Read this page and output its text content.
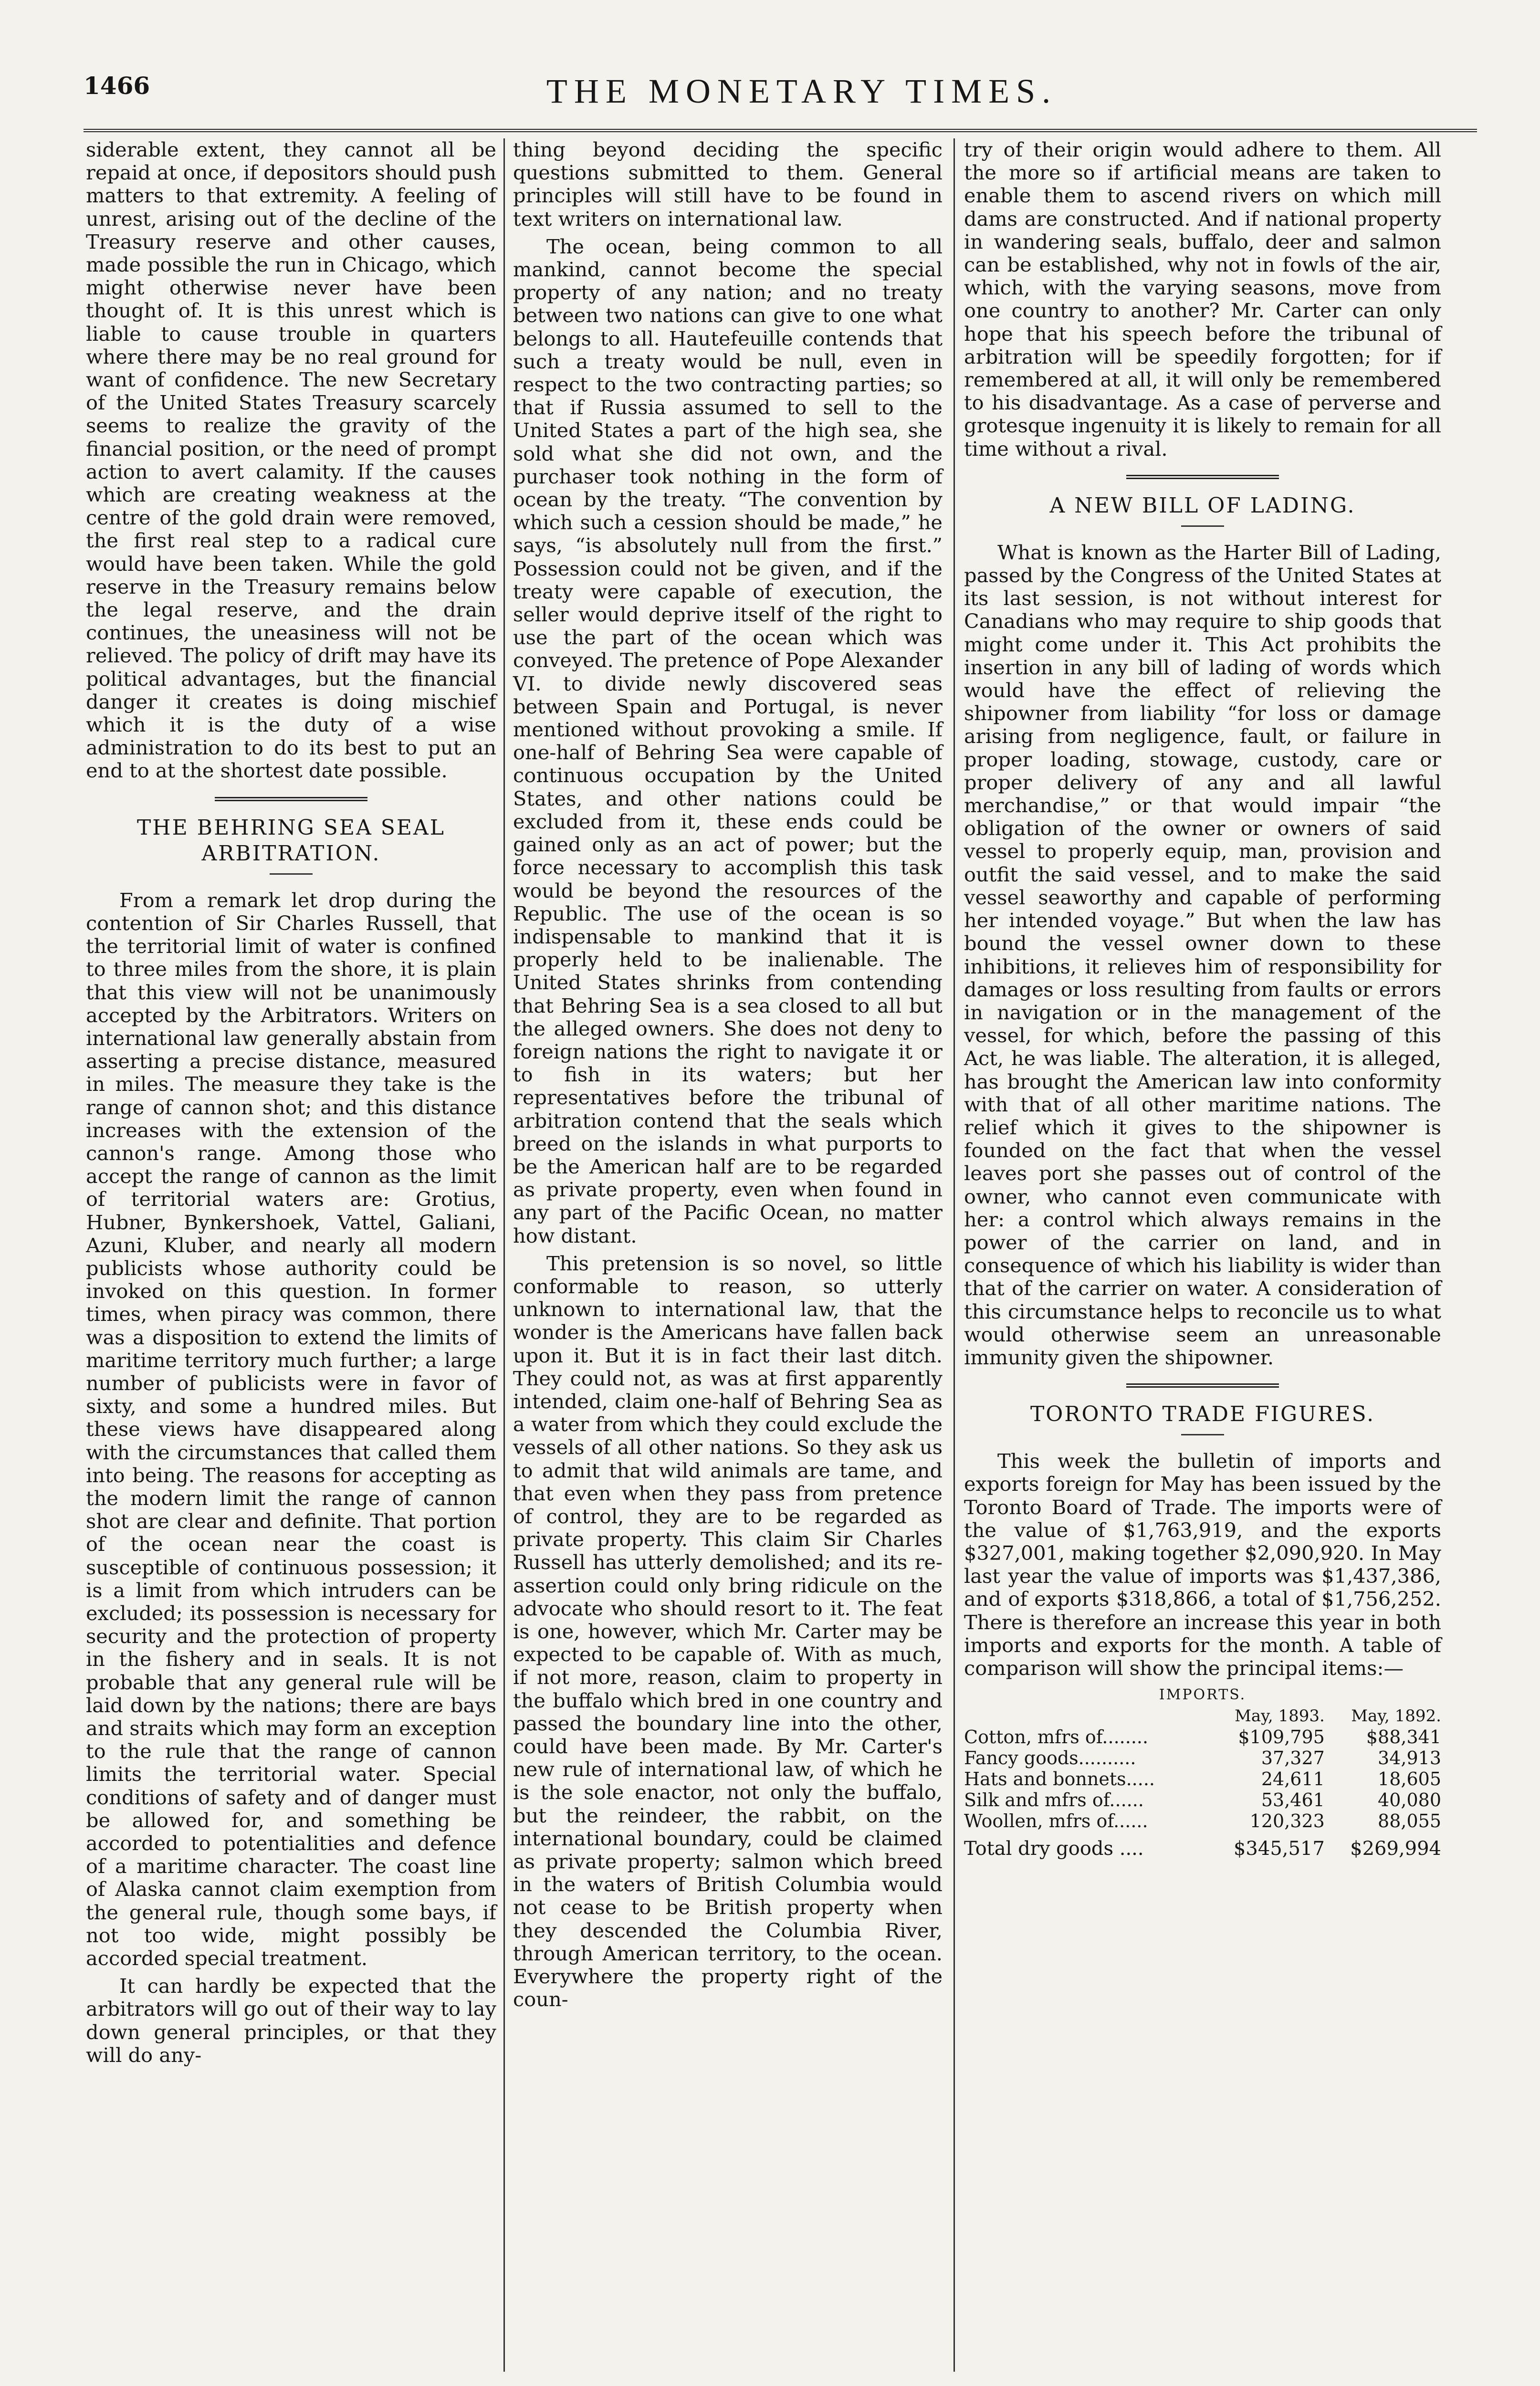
1466	THE MONETARY TIMES.

siderable extent, they cannot all be repaid at once, if depositors should push matters to that extremity. A feeling of unrest, arising out of the decline of the Treasury reserve and other causes, made possible the run in Chicago, which might otherwise never have been thought of. It is this unrest which is liable to cause trouble in quarters where there may be no real ground for want of confidence. The new Secretary of the United States Treasury scarcely seems to realize the gravity of the financial position, or the need of prompt action to avert calamity. If the causes which are creating weakness at the centre of the gold drain were removed, the first real step to a radical cure would have been taken. While the gold reserve in the Treasury remains below the legal reserve, and the drain continues, the uneasiness will not be relieved. The policy of drift may have its political advantages, but the financial danger it creates is doing mischief which it is the duty of a wise administration to do its best to put an end to at the shortest date possible.

THE BEHRING SEA SEAL ARBITRATION.

From a remark let drop during the contention of Sir Charles Russell, that the territorial limit of water is confined to three miles from the shore, it is plain that this view will not be unanimously accepted by the Arbitrators. Writers on international law generally abstain from asserting a precise distance, measured in miles. The measure they take is the range of cannon shot; and this distance increases with the extension of the cannon's range. Among those who accept the range of cannon as the limit of territorial waters are: Grotius, Hubner, Bynkershoek, Vattel, Galiani, Azuni, Kluber, and nearly all modern publicists whose authority could be invoked on this question. In former times, when piracy was common, there was a disposition to extend the limits of maritime territory much further; a large number of publicists were in favor of sixty, and some a hundred miles. But these views have disappeared along with the circumstances that called them into being. The reasons for accepting as the modern limit the range of cannon shot are clear and definite. That portion of the ocean near the coast is susceptible of continuous possession; it is a limit from which intruders can be excluded; its possession is necessary for security and the protection of property in the fishery and in seals. It is not probable that any general rule will be laid down by the nations; there are bays and straits which may form an exception to the rule that the range of cannon limits the territorial water. Special conditions of safety and of danger must be allowed for, and something be accorded to potentialities and defence of a maritime character. The coast line of Alaska cannot claim exemption from the general rule, though some bays, if not too wide, might possibly be accorded special treatment.

It can hardly be expected that the arbitrators will go out of their way to lay down general principles, or that they will do any-

thing beyond deciding the specific questions submitted to them. General principles will still have to be found in text writers on international law.

The ocean, being common to all mankind, cannot become the special property of any nation; and no treaty between two nations can give to one what belongs to all. Hautefeuille contends that such a treaty would be null, even in respect to the two contracting parties; so that if Russia assumed to sell to the United States a part of the high sea, she sold what she did not own, and the purchaser took nothing in the form of ocean by the treaty. “The convention by which such a cession should be made,” he says, “is absolutely null from the first.” Possession could not be given, and if the treaty were capable of execution, the seller would deprive itself of the right to use the part of the ocean which was conveyed. The pretence of Pope Alexander VI. to divide newly discovered seas between Spain and Portugal, is never mentioned without provoking a smile. If one-half of Behring Sea were capable of continuous occupation by the United States, and other nations could be excluded from it, these ends could be gained only as an act of power; but the force necessary to accomplish this task would be beyond the resources of the Republic. The use of the ocean is so indispensable to mankind that it is properly held to be inalienable. The United States shrinks from contending that Behring Sea is a sea closed to all but the alleged owners. She does not deny to foreign nations the right to navigate it or to fish in its waters; but her representatives before the tribunal of arbitration contend that the seals which breed on the islands in what purports to be the American half are to be regarded as private property, even when found in any part of the Pacific Ocean, no matter how distant.

This pretension is so novel, so little conformable to reason, so utterly unknown to international law, that the wonder is the Americans have fallen back upon it. But it is in fact their last ditch. They could not, as was at first apparently intended, claim one-half of Behring Sea as a water from which they could exclude the vessels of all other nations. So they ask us to admit that wild animals are tame, and that even when they pass from pretence of control, they are to be regarded as private property. This claim Sir Charles Russell has utterly demolished; and its re-assertion could only bring ridicule on the advocate who should resort to it. The feat is one, however, which Mr. Carter may be expected to be capable of. With as much, if not more, reason, claim to property in the buffalo which bred in one country and passed the boundary line into the other, could have been made. By Mr. Carter's new rule of international law, of which he is the sole enactor, not only the buffalo, but the reindeer, the rabbit, on the international boundary, could be claimed as private property; salmon which breed in the waters of British Columbia would not cease to be British property when they descended the Columbia River, through American territory, to the ocean. Everywhere the property right of the coun-

try of their origin would adhere to them. All the more so if artificial means are taken to enable them to ascend rivers on which mill dams are constructed. And if national property in wandering seals, buffalo, deer and salmon can be established, why not in fowls of the air, which, with the varying seasons, move from one country to another? Mr. Carter can only hope that his speech before the tribunal of arbitration will be speedily forgotten; for if remembered at all, it will only be remembered to his disadvantage. As a case of perverse and grotesque ingenuity it is likely to remain for all time without a rival.

A NEW BILL OF LADING.

What is known as the Harter Bill of Lading, passed by the Congress of the United States at its last session, is not without interest for Canadians who may require to ship goods that might come under it. This Act prohibits the insertion in any bill of lading of words which would have the effect of relieving the shipowner from liability “for loss or damage arising from negligence, fault, or failure in proper loading, stowage, custody, care or proper delivery of any and all lawful merchandise,” or that would impair “the obligation of the owner or owners of said vessel to properly equip, man, provision and outfit the said vessel, and to make the said vessel seaworthy and capable of performing her intended voyage.” But when the law has bound the vessel owner down to these inhibitions, it relieves him of responsibility for damages or loss resulting from faults or errors in navigation or in the management of the vessel, for which, before the passing of this Act, he was liable. The alteration, it is alleged, has brought the American law into conformity with that of all other maritime nations. The relief which it gives to the shipowner is founded on the fact that when the vessel leaves port she passes out of control of the owner, who cannot even communicate with her: a control which always remains in the power of the carrier on land, and in consequence of which his liability is wider than that of the carrier on water. A consideration of this circumstance helps to reconcile us to what would otherwise seem an unreasonable immunity given the shipowner.

TORONTO TRADE FIGURES.

This week the bulletin of imports and exports foreign for May has been issued by the Toronto Board of Trade. The imports were of the value of $1,763,919, and the exports $327,001, making together $2,090,920. In May last year the value of imports was $1,437,386, and of exports $318,866, a total of $1,756,252. There is therefore an increase this year in both imports and exports for the month. A table of comparison will show the principal items:—

IMPORTS.		
	May, 1893.	May, 1892.
Cotton, mfrs of........	$109,795	$88,341
Fancy goods..........	37,327	34,913
Hats and bonnets.....	24,611	18,605
Silk and mfrs of......	53,461	40,080
Woollen, mfrs of......	120,323	88,055
Total dry goods ....	$345,517	$269,994
